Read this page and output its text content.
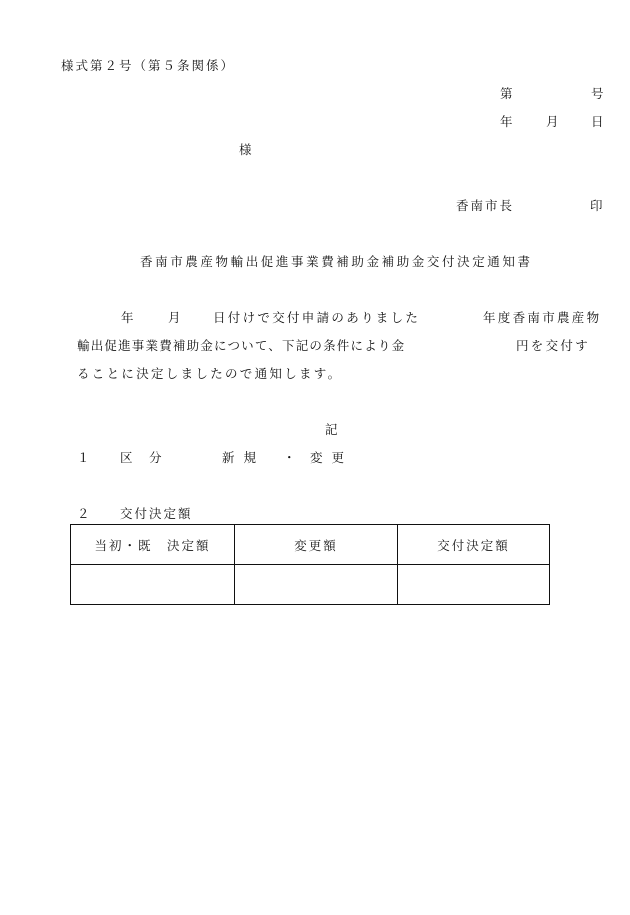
様式第２号（第５条関係）
第	号
年	月 日
様
香南市長	印
香南市農産物輸出促進事業費補助金補助金交付決定通知書
年	月 日付けで交付申請のありました	年度香南市農産物
輸出促進事業費補助金について、下記の条件により金	円を交付す
ることに決定しましたので通知します。
記
１ 区　分	新規 ・ 変更
２ 交付決定額
当初・既　決定額	変更額	交付決定額
